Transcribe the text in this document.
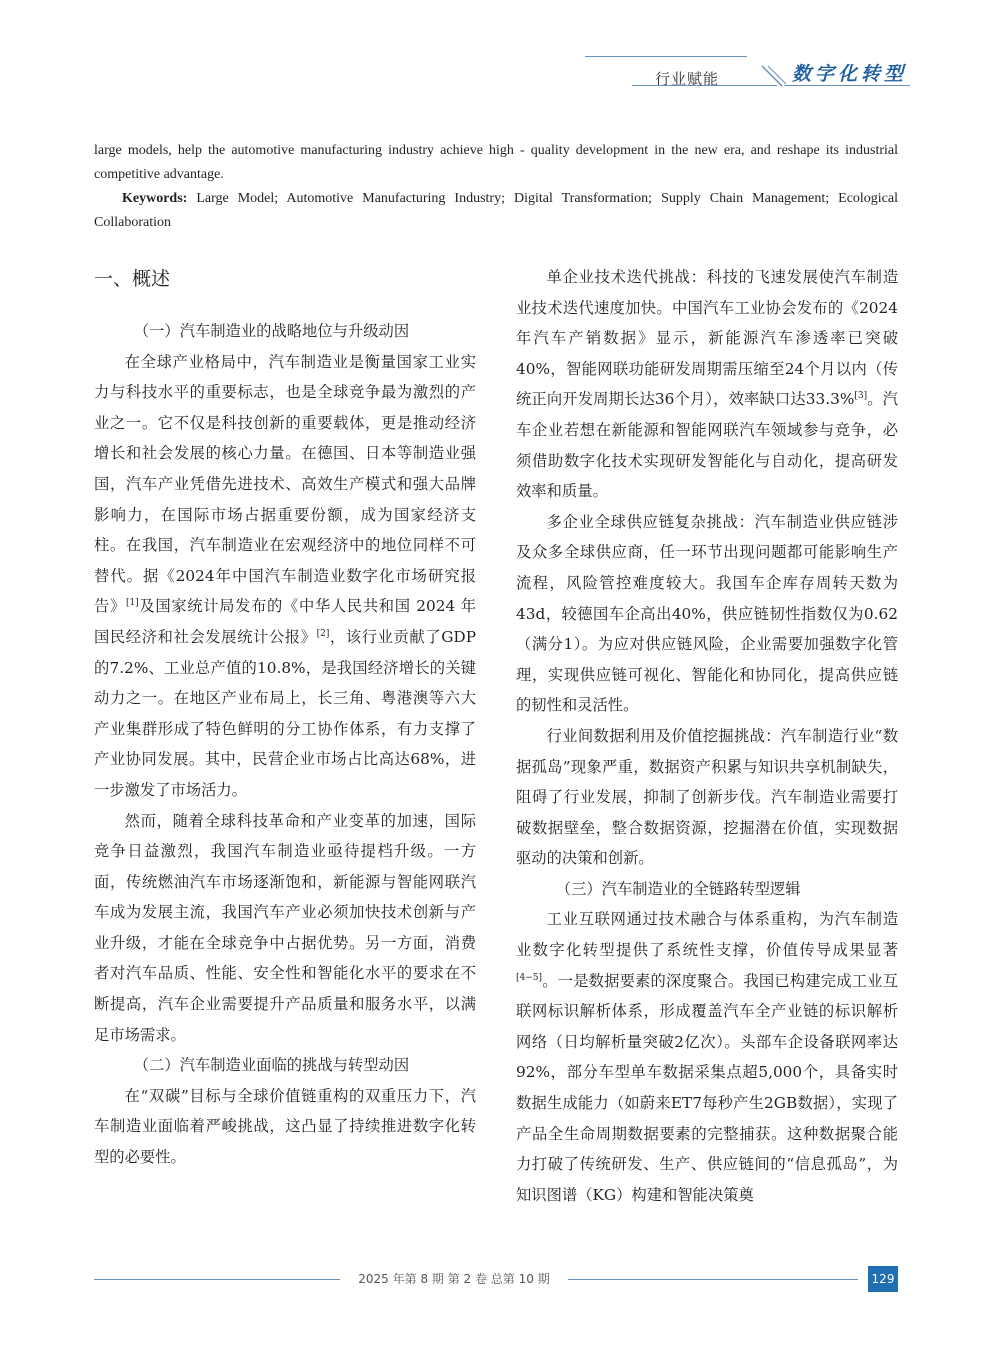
行业赋能	数字化转型

large models, help the automotive manufacturing industry achieve high - quality development in the new era, and reshape its industrial competitive advantage.

Keywords: Large Model; Automotive Manufacturing Industry; Digital Transformation; Supply Chain Management; Ecological Collaboration

一、概述
（一）汽车制造业的战略地位与升级动因

在全球产业格局中，汽车制造业是衡量国家工业实力与科技水平的重要标志，也是全球竞争最为激烈的产业之一。它不仅是科技创新的重要载体，更是推动经济增长和社会发展的核心力量。在德国、日本等制造业强国，汽车产业凭借先进技术、高效生产模式和强大品牌影响力，在国际市场占据重要份额，成为国家经济支柱。在我国，汽车制造业在宏观经济中的地位同样不可替代。据《2024年中国汽车制造业数字化市场研究报告》[1]及国家统计局发布的《中华人民共和国 2024 年国民经济和社会发展统计公报》[2]，该行业贡献了GDP的7.2%、工业总产值的10.8%，是我国经济增长的关键动力之一。在地区产业布局上，长三角、粤港澳等六大产业集群形成了特色鲜明的分工协作体系，有力支撑了产业协同发展。其中，民营企业市场占比高达68%，进一步激发了市场活力。

然而，随着全球科技革命和产业变革的加速，国际竞争日益激烈，我国汽车制造业亟待提档升级。一方面，传统燃油汽车市场逐渐饱和，新能源与智能网联汽车成为发展主流，我国汽车产业必须加快技术创新与产业升级，才能在全球竞争中占据优势。另一方面，消费者对汽车品质、性能、安全性和智能化水平的要求在不断提高，汽车企业需要提升产品质量和服务水平，以满足市场需求。

（二）汽车制造业面临的挑战与转型动因

在“双碳”目标与全球价值链重构的双重压力下，汽车制造业面临着严峻挑战，这凸显了持续推进数字化转型的必要性。

单企业技术迭代挑战：科技的飞速发展使汽车制造业技术迭代速度加快。中国汽车工业协会发布的《2024 年汽车产销数据》显示，新能源汽车渗透率已突破40%，智能网联功能研发周期需压缩至24个月以内（传统正向开发周期长达36个月），效率缺口达33.3%[3]。汽车企业若想在新能源和智能网联汽车领域参与竞争，必须借助数字化技术实现研发智能化与自动化，提高研发效率和质量。

多企业全球供应链复杂挑战：汽车制造业供应链涉及众多全球供应商，任一环节出现问题都可能影响生产流程，风险管控难度较大。我国车企库存周转天数为43d，较德国车企高出40%，供应链韧性指数仅为0.62（满分1）。为应对供应链风险，企业需要加强数字化管理，实现供应链可视化、智能化和协同化，提高供应链的韧性和灵活性。

行业间数据利用及价值挖掘挑战：汽车制造行业“数据孤岛”现象严重，数据资产积累与知识共享机制缺失，阻碍了行业发展，抑制了创新步伐。汽车制造业需要打破数据壁垒，整合数据资源，挖掘潜在价值，实现数据驱动的决策和创新。

（三）汽车制造业的全链路转型逻辑

工业互联网通过技术融合与体系重构，为汽车制造业数字化转型提供了系统性支撑，价值传导成果显著[4−5]。一是数据要素的深度聚合。我国已构建完成工业互联网标识解析体系，形成覆盖汽车全产业链的标识解析网络（日均解析量突破2亿次）。头部车企设备联网率达92%，部分车型单车数据采集点超5,000个，具备实时数据生成能力（如蔚来ET7每秒产生2GB数据），实现了产品全生命周期数据要素的完整捕获。这种数据聚合能力打破了传统研发、生产、供应链间的“信息孤岛”，为知识图谱（KG）构建和智能决策奠

2025 年第 8 期 第 2 卷 总第 10 期	129
